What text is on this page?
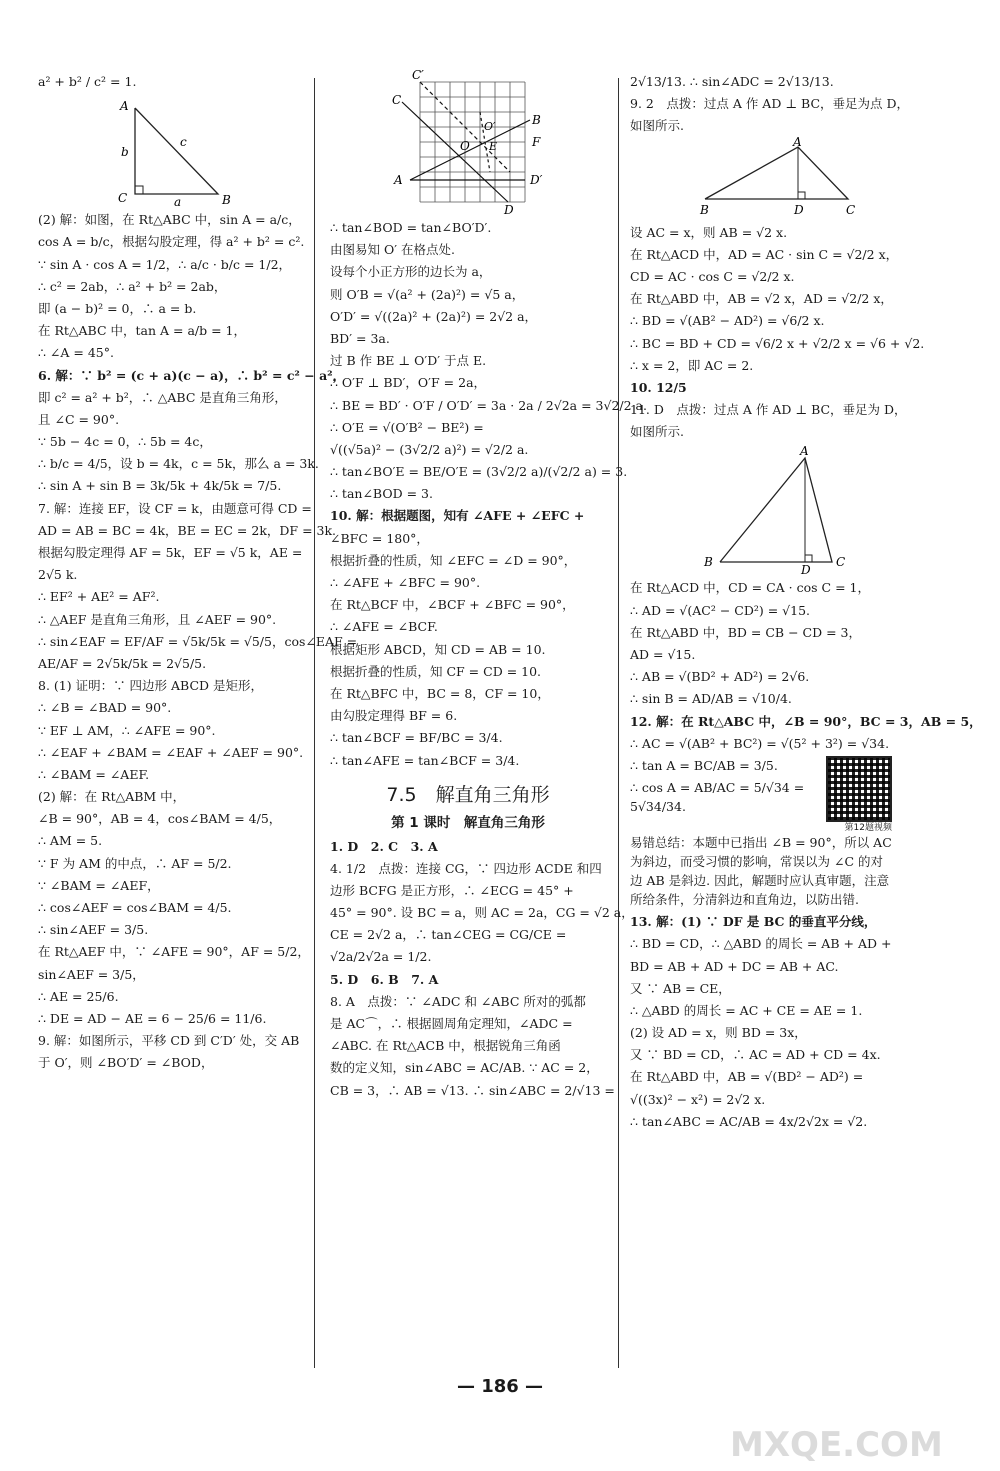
a² + b² / c² = 1.
A
C	B
b
c
a
(2) 解：如图，在 Rt△ABC 中，sin A = a/c，
cos A = b/c，根据勾股定理，得 a² + b² = c².
∵ sin A · cos A = 1/2，∴ a/c · b/c = 1/2，
∴ c² = 2ab，∴ a² + b² = 2ab，
即 (a − b)² = 0，∴ a = b.
在 Rt△ABC 中，tan A = a/b = 1，
∴ ∠A = 45°.
6. 解：∵ b² = (c + a)(c − a)，∴ b² = c² − a²，
即 c² = a² + b²，∴ △ABC 是直角三角形，
且 ∠C = 90°.
∵ 5b − 4c = 0，∴ 5b = 4c，
∴ b/c = 4/5，设 b = 4k，c = 5k，那么 a = 3k.
∴ sin A + sin B = 3k/5k + 4k/5k = 7/5.
7. 解：连接 EF，设 CF = k，由题意可得 CD =
AD = AB = BC = 4k，BE = EC = 2k，DF = 3k.
根据勾股定理得 AF = 5k，EF = √5 k，AE =
2√5 k.
∴ EF² + AE² = AF².
∴ △AEF 是直角三角形，且 ∠AEF = 90°.
∴ sin∠EAF = EF/AF = √5k/5k = √5/5，cos∠EAF =
AE/AF = 2√5k/5k = 2√5/5.
8. (1) 证明：∵ 四边形 ABCD 是矩形，
∴ ∠B = ∠BAD = 90°.
∵ EF ⊥ AM，∴ ∠AFE = 90°.
∴ ∠EAF + ∠BAM = ∠EAF + ∠AEF = 90°.
∴ ∠BAM = ∠AEF.
(2) 解：在 Rt△ABM 中，
∠B = 90°，AB = 4，cos∠BAM = 4/5，
∴ AM = 5.
∵ F 为 AM 的中点，∴ AF = 5/2.
∵ ∠BAM = ∠AEF，
∴ cos∠AEF = cos∠BAM = 4/5.
∴ sin∠AEF = 3/5.
在 Rt△AEF 中，∵ ∠AFE = 90°，AF = 5/2，
sin∠AEF = 3/5，
∴ AE = 25/6.
∴ DE = AD − AE = 6 − 25/6 = 11/6.
9. 解：如图所示，平移 CD 到 C′D′ 处，交 AB
于 O′，则 ∠BO′D′ = ∠BOD，
C′
C
B
F
O′
O E
A	D′
D
∴ tan∠BOD = tan∠BO′D′.
由图易知 O′ 在格点处.
设每个小正方形的边长为 a，
则 O′B = √(a² + (2a)²) = √5 a，
O′D′ = √((2a)² + (2a)²) = 2√2 a，
BD′ = 3a.
过 B 作 BE ⊥ O′D′ 于点 E.
∴ O′F ⊥ BD′，O′F = 2a，
∴ BE = BD′ · O′F / O′D′ = 3a · 2a / 2√2a = 3√2/2 a.
∴ O′E = √(O′B² − BE²) =
√((√5a)² − (3√2/2 a)²) = √2/2 a.
∴ tan∠BO′E = BE/O′E = (3√2/2 a)/(√2/2 a) = 3.
∴ tan∠BOD = 3.
10. 解：根据题图，知有 ∠AFE + ∠EFC +
∠BFC = 180°，
根据折叠的性质，知 ∠EFC = ∠D = 90°，
∴ ∠AFE + ∠BFC = 90°.
在 Rt△BCF 中，∠BCF + ∠BFC = 90°，
∴ ∠AFE = ∠BCF.
根据矩形 ABCD，知 CD = AB = 10.
根据折叠的性质，知 CF = CD = 10.
在 Rt△BFC 中，BC = 8，CF = 10，
由勾股定理得 BF = 6.
∴ tan∠BCF = BF/BC = 3/4.
∴ tan∠AFE = tan∠BCF = 3/4.
7.5　解直角三角形
第 1 课时　解直角三角形
1. D　2. C　3. A
4. 1/2　点拨：连接 CG，∵ 四边形 ACDE 和四
边形 BCFG 是正方形，∴ ∠ECG = 45° +
45° = 90°. 设 BC = a，则 AC = 2a，CG = √2 a，
CE = 2√2 a，∴ tan∠CEG = CG/CE =
√2a/2√2a = 1/2.
5. D　6. B　7. A
8. A　点拨：∵ ∠ADC 和 ∠ABC 所对的弧都
是 AC⌒，∴ 根据圆周角定理知，∠ADC =
∠ABC. 在 Rt△ACB 中，根据锐角三角函
数的定义知，sin∠ABC = AC/AB. ∵ AC = 2，
CB = 3，∴ AB = √13. ∴ sin∠ABC = 2/√13 =
2√13/13. ∴ sin∠ADC = 2√13/13.
9. 2　点拨：过点 A 作 AD ⊥ BC，垂足为点 D，
如图所示.
A
B	D	C
设 AC = x，则 AB = √2 x.
在 Rt△ACD 中，AD = AC · sin C = √2/2 x，
CD = AC · cos C = √2/2 x.
在 Rt△ABD 中，AB = √2 x，AD = √2/2 x，
∴ BD = √(AB² − AD²) = √6/2 x.
∴ BC = BD + CD = √6/2 x + √2/2 x = √6 + √2.
∴ x = 2，即 AC = 2.
10. 12/5
11. D　点拨：过点 A 作 AD ⊥ BC，垂足为 D，
如图所示.
A
B
D
C
在 Rt△ACD 中，CD = CA · cos C = 1，
∴ AD = √(AC² − CD²) = √15.
在 Rt△ABD 中，BD = CB − CD = 3，
AD = √15.
∴ AB = √(BD² + AD²) = 2√6.
∴ sin B = AD/AB = √10/4.
12. 解：在 Rt△ABC 中，∠B = 90°，BC = 3，AB = 5，
∴ AC = √(AB² + BC²) = √(5² + 3²) = √34.
第12题视频
∴ tan A = BC/AB = 3/5.
∴ cos A = AB/AC = 5/√34 = 5√34/34.
易错总结：本题中已指出 ∠B = 90°，所以 AC 为斜边，而受习惯的影响，常误以为 ∠C 的对边 AB 是斜边. 因此，解题时应认真审题，注意所给条件，分清斜边和直角边，以防出错.
13. 解：(1) ∵ DF 是 BC 的垂直平分线，
∴ BD = CD，∴ △ABD 的周长 = AB + AD +
BD = AB + AD + DC = AB + AC.
又 ∵ AB = CE，
∴ △ABD 的周长 = AC + CE = AE = 1.
(2) 设 AD = x，则 BD = 3x，
又 ∵ BD = CD，∴ AC = AD + CD = 4x.
在 Rt△ABD 中，AB = √(BD² − AD²) =
√((3x)² − x²) = 2√2 x.
∴ tan∠ABC = AC/AB = 4x/2√2x = √2.
— 186 —
MXQE.COM
